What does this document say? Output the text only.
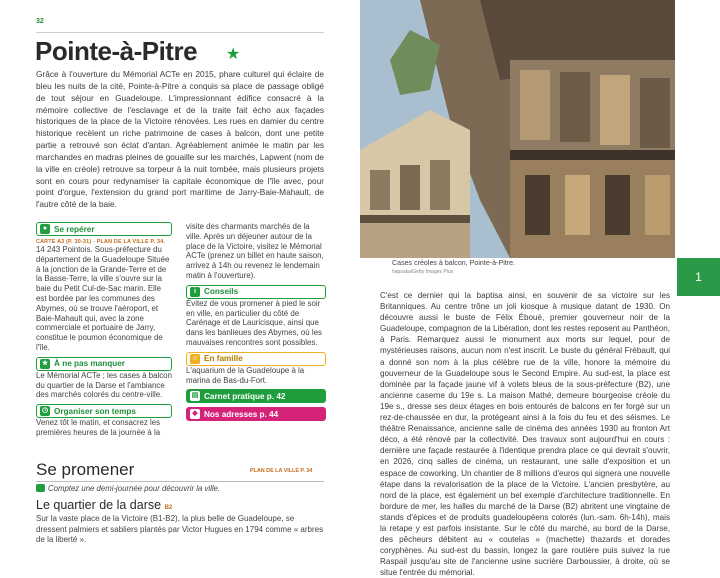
32
Pointe-à-Pitre ★
Grâce à l'ouverture du Mémorial ACTe en 2015, phare culturel qui éclaire de bleu les nuits de la cité, Pointe-à-Pitre a conquis sa place de passage obligé de tout séjour en Guadeloupe. L'impressionnant édifice consacré à la mémoire collective de l'esclavage et de la traite fait écho aux façades historiques de la place de la Victoire rénovées. Les rues en damier du centre historique recèlent un riche patrimoine de cases à balcon, dont une petite partie a retrouvé son éclat d'antan. Agréablement animée le matin par les marchandes en madras pleines de gouaille sur les marchés, Lapwent (nom de la ville en créole) retrouve sa torpeur à la nuit tombée, mais plusieurs projets sont en cours pour redynamiser la capitale économique de l'île avec, pour point d'orgue, l'extension du grand port maritime de Jarry-Baie-Mahault, de l'autre côté de la baie.
● Se repérer
CARTE A3 (P. 30-31) - PLAN DE LA VILLE P. 34.
14 243 Pointois. Sous-préfecture du département de la Guadeloupe Située à la jonction de la Grande-Terre et de la Basse-Terre, la ville s'ouvre sur la baie du Petit Cul-de-Sac marin. Elle est bordée par les communes des Abymes, où se trouve l'aéroport, et Baie-Mahault qui, avec la zone commerciale et portuaire de Jarry, constitue le poumon économique de l'île.
★ À ne pas manquer
Le Mémorial ACTe ; les cases à balcon du quartier de la Darse et l'ambiance des marchés colorés du centre-ville.
◷ Organiser son temps
Venez tôt le matin, et consacrez les premières heures de la journée à la
visite des charmants marchés de la ville. Après un déjeuner autour de la place de la Victoire, visitez le Mémorial ACTe (prenez un billet en haute saison, arrivez à 14h ou revenez le lendemain matin à l'ouverture).
i Conseils
Évitez de vous promener à pied le soir en ville, en particulier du côté de Carénage et de Lauricisque, ainsi que dans les banlieues des Abymes, où les mauvaises rencontres sont possibles.
☺ En famille
L'aquarium de la Guadeloupe à la marina de Bas-du-Fort.
▤ Carnet pratique p. 42
◆ Nos adresses p. 44
Se promener	PLAN DE LA VILLE P. 34
Comptez une demi-journée pour découvrir la ville.
Le quartier de la darse B2
Sur la vaste place de la Victoire (B1-B2), la plus belle de Guadeloupe, se dressent palmiers et sabliers plantés par Victor Hugues en 1794 comme « arbres de la liberté ».
Cases créoles à balcon, Pointe-à-Pitre.
hapsaka/Getty Images Plus	1
C'est ce dernier qui la baptisa ainsi, en souvenir de sa victoire sur les Britanniques. Au centre trône un joli kiosque à musique datant de 1930. On découvre aussi le buste de Félix Éboué, premier gouverneur noir de la Guadeloupe, compagnon de la Libération, dont les restes reposent au Panthéon, à Paris. Remarquez aussi le monument aux morts sur lequel, pour de mystérieuses raisons, aucun nom n'est inscrit. Le buste du général Frébault, qui a donné son nom à la plus célèbre rue de la ville, honore la mémoire du gouverneur de la Guadeloupe sous le Second Empire. Au sud-est, la place est dominée par la façade jaune vif à volets bleus de la sous-préfecture (B2), une ancienne caserne du 19e s. La maison Mathé, demeure bourgeoise créole du 19e s., dresse ses deux étages en bois entourés de balcons en fer forgé sur un rez-de-chaussée en dur, la protégeant ainsi à la fois du feu et des séismes. Le théâtre Renaissance, ancienne salle de cinéma des années 1930 au fronton Art déco, a été rénové par la collectivité. Des travaux sont aujourd'hui en cours : dernière une façade restaurée à l'identique prendra place ce qui devrait s'ouvrir, en 2026, cinq salles de cinéma, un restaurant, une salle d'exposition et un espace de coworking. Un chantier de 8 millions d'euros qui signera une nouvelle étape dans la revalorisation de la place de la Victoire. L'ancien presbytère, au nord de la place, est également un bel exemple d'architecture traditionnelle. En bordure de mer, les halles du marché de la Darse (B2) abritent une vingtaine de stands d'épices et de produits guadeloupéens colorés (lun.-sam. 6h-14h), mais la retape y est parfois insistante. Sur le côté du marché, au bord de la Darse, des pêcheurs débitent au « coutelas » (machette) thazards et dorades coryphènes. Au sud-est du bassin, longez la gare routière puis suivez la rue Raspail jusqu'au site de l'ancienne usine sucrière Darboussier, à droite, où se situe l'entrée du mémorial.
